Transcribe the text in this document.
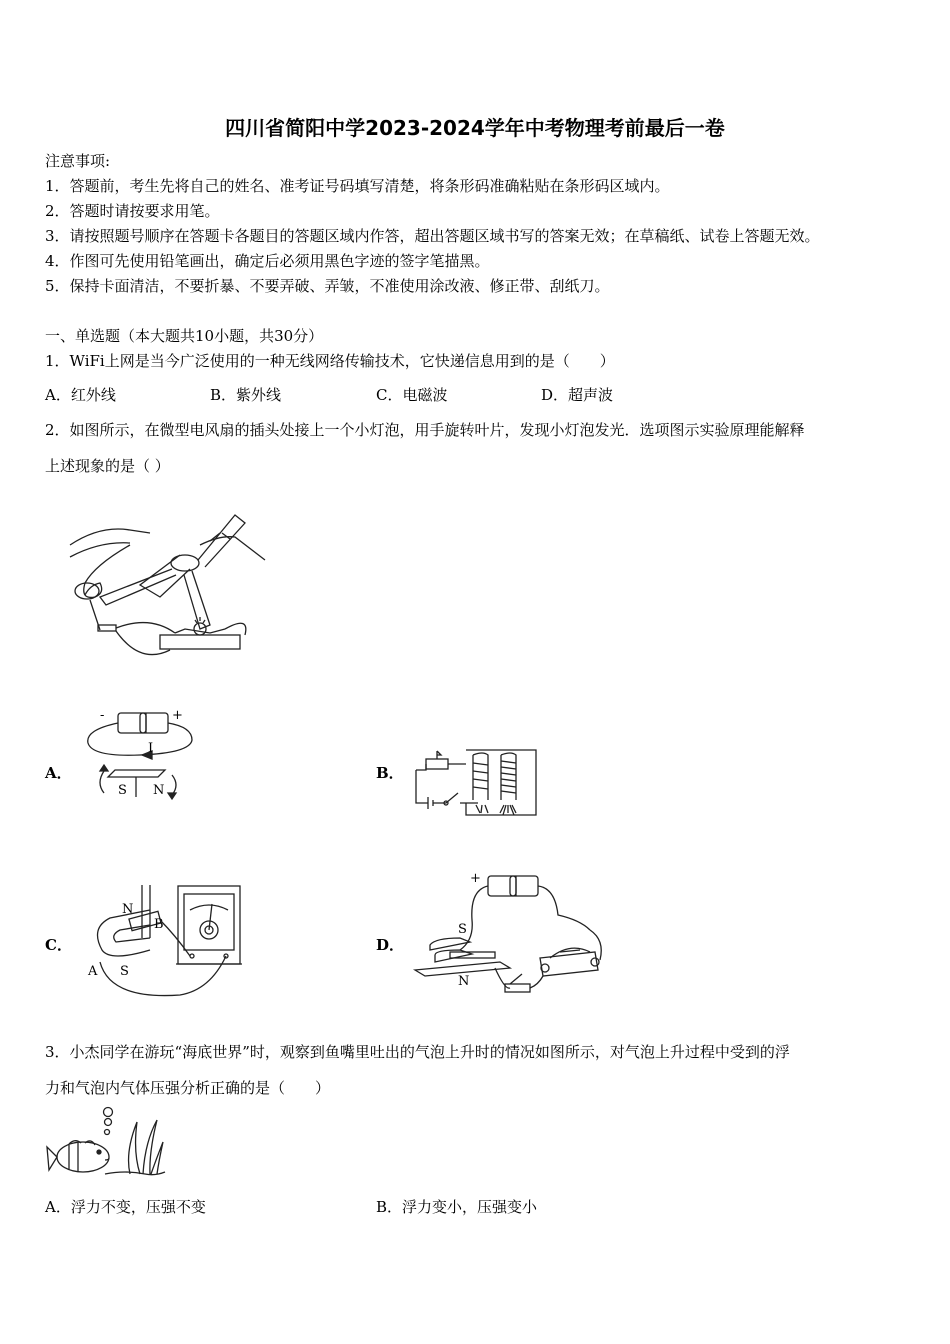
四川省简阳中学2023-2024学年中考物理考前最后一卷
注意事项:
1．答题前，考生先将自己的姓名、准考证号码填写清楚，将条形码准确粘贴在条形码区域内。
2．答题时请按要求用笔。
3．请按照题号顺序在答题卡各题目的答题区域内作答，超出答题区域书写的答案无效；在草稿纸、试卷上答题无效。
4．作图可先使用铅笔画出，确定后必须用黑色字迹的签字笔描黑。
5．保持卡面清洁，不要折暴、不要弄破、弄皱，不准使用涂改液、修正带、刮纸刀。
一、单选题（本大题共10小题，共30分）
1．WiFi上网是当今广泛使用的一种无线网络传输技术，它快递信息用到的是（　　）
A．红外线	B．紫外线	C．电磁波	D．超声波
2．如图所示，在微型电风扇的插头处接上一个小灯泡，用手旋转叶片，发现小灯泡发光．选项图示实验原理能解释
上述现象的是（ ）
A．
-	+
I
S N
B．
C．
N
B
A S
D．
+
S
N
3．小杰同学在游玩“海底世界”时，观察到鱼嘴里吐出的气泡上升时的情况如图所示，对气泡上升过程中受到的浮
力和气泡内气体压强分析正确的是（　　）
A．浮力不变，压强不变	B．浮力变小，压强变小
